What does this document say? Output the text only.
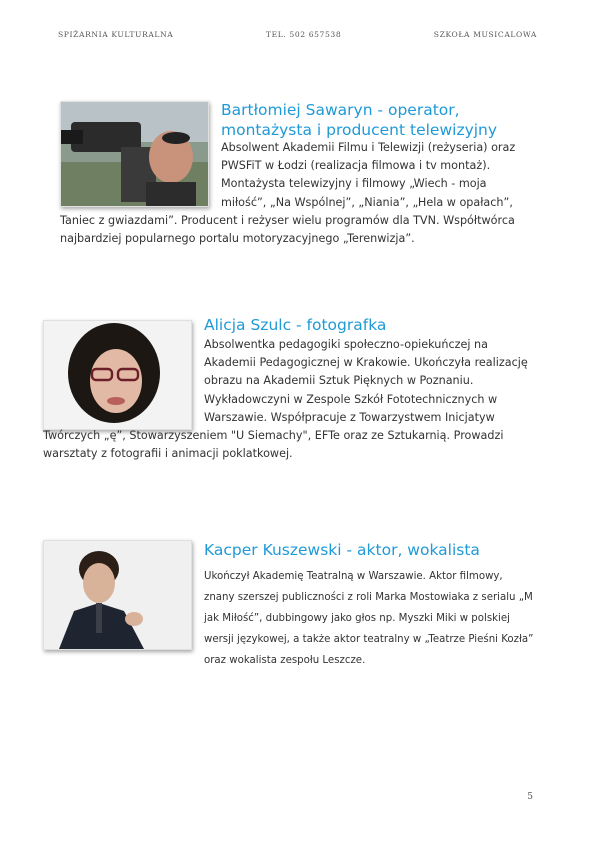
SPIŻARNIA KULTURALNA	TEL. 502 657538	SZKOŁA MUSICALOWA
Bartłomiej Sawaryn - operator,
montażysta i producent telewizyjny
Absolwent Akademii Filmu i Telewizji (reżyseria) oraz PWSFiT w Łodzi (realizacja filmowa i tv montaż). Montażysta telewizyjny i filmowy „Wiech - moja miłość”, „Na Wspólnej”, „Niania”, „Hela w opałach”, Taniec z gwiazdami”. Producent i reżyser wielu programów dla TVN. Współtwórca najbardziej popularnego portalu motoryzacyjnego „Terenwizja”.
Alicja Szulc - fotografka
Absolwentka pedagogiki społeczno-opiekuńczej na Akademii Pedagogicznej w Krakowie. Ukończyła realizację obrazu na Akademii Sztuk Pięknych w Poznaniu. Wykładowczyni w Zespole Szkół Fototechnicznych w Warszawie. Współpracuje z Towarzystwem Inicjatyw Twórczych „ę”, Stowarzyszeniem "U Siemachy", EFTe oraz ze Sztukarnią. Prowadzi warsztaty z fotografii i animacji poklatkowej.
Kacper Kuszewski - aktor, wokalista
Ukończył Akademię Teatralną w Warszawie. Aktor filmowy, znany szerszej publiczności z roli Marka Mostowiaka z serialu „M jak Miłość”, dubbingowy jako głos np. Myszki Miki w polskiej wersji językowej, a także aktor teatralny w „Teatrze Pieśni Kozła” oraz wokalista zespołu Leszcze.
5
